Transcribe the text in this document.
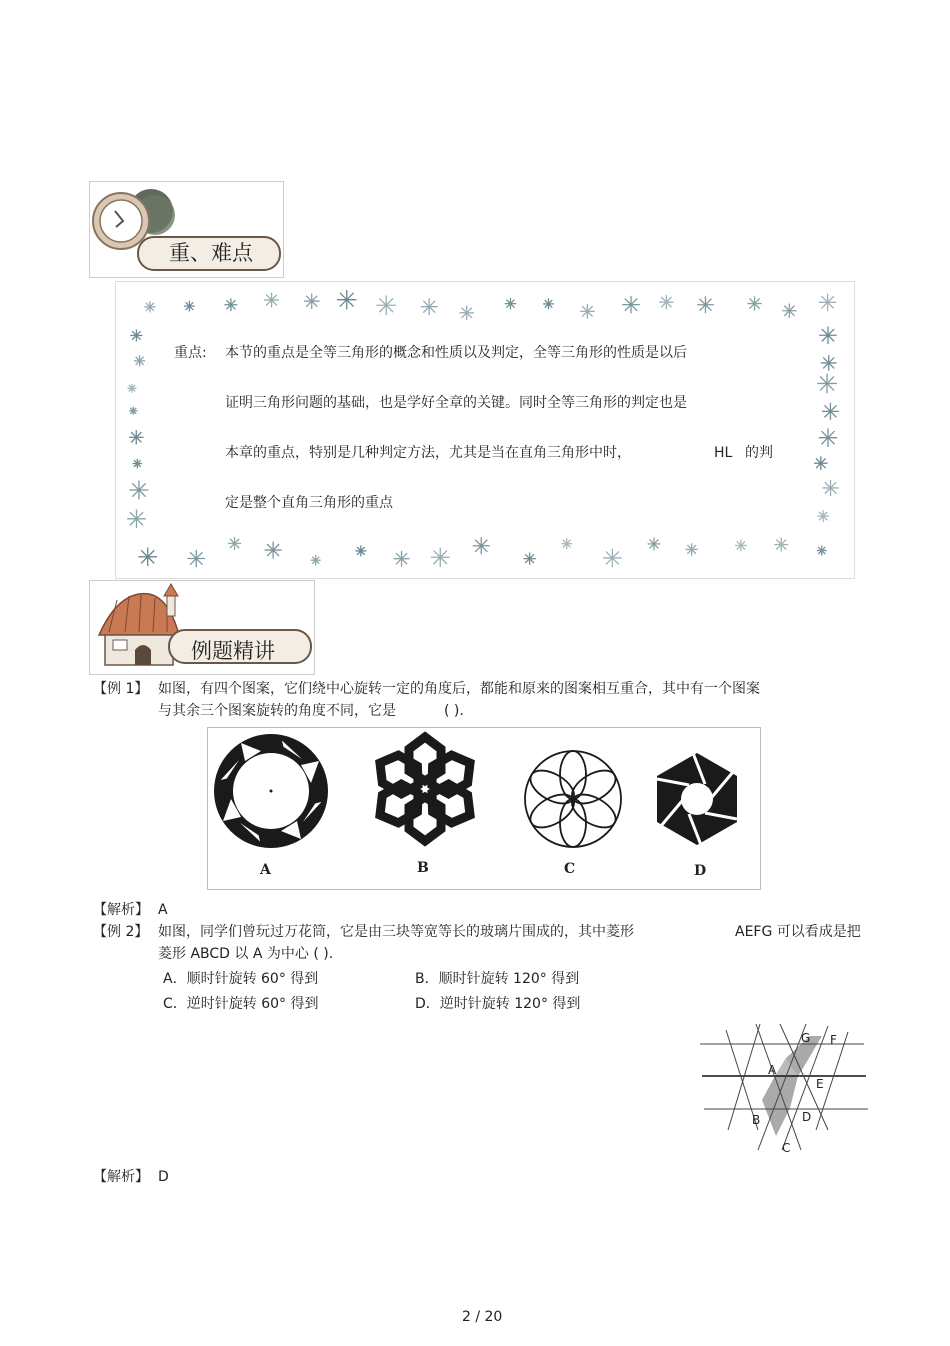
重、难点
重点: 本节的重点是全等三角形的概念和性质以及判定，全等三角形的性质是以后
证明三角形问题的基础，也是学好全章的关键。同时全等三角形的判定也是
本章的重点，特别是几种判定方法，尤其是当在直角三角形中时，	HL 的判
定是整个直角三角形的重点
例题精讲
【例 1】 如图，有四个图案，它们绕中心旋转一定的角度后，都能和原来的图案相互重合，其中有一个图案
与其余三个图案旋转的角度不同，它是	( ).
A	B	C	D
【解析】 A
【例 2】 如图，同学们曾玩过万花筒，它是由三块等宽等长的玻璃片围成的，其中菱形	AEFG 可以看成是把
菱形 ABCD 以 A 为中心 ( ).
A．顺时针旋转 60° 得到	B．顺时针旋转 120° 得到
C．逆时针旋转 60° 得到	D．逆时针旋转 120° 得到
G F
A
E
B	D
C
【解析】 D
2 / 20
